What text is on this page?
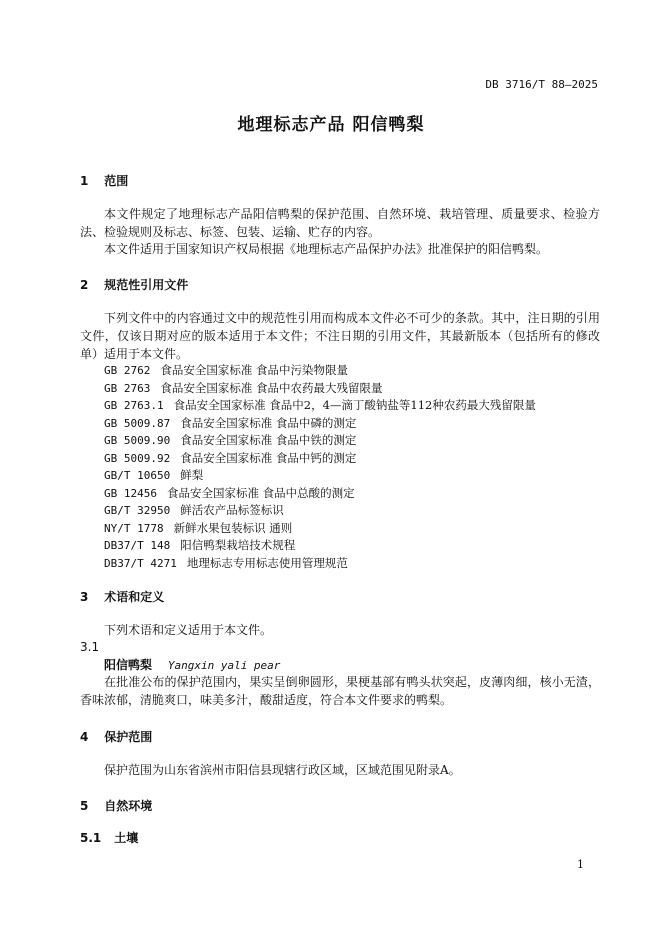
DB 3716/T 88—2025
地理标志产品 阳信鸭梨
1 范围
本文件规定了地理标志产品阳信鸭梨的保护范围、自然环境、栽培管理、质量要求、检验方法、检验规则及标志、标签、包装、运输、贮存的内容。
本文件适用于国家知识产权局根据《地理标志产品保护办法》批准保护的阳信鸭梨。
2 规范性引用文件
下列文件中的内容通过文中的规范性引用而构成本文件必不可少的条款。其中，注日期的引用文件，仅该日期对应的版本适用于本文件；不注日期的引用文件，其最新版本（包括所有的修改单）适用于本文件。
GB 2762 食品安全国家标准 食品中污染物限量
GB 2763 食品安全国家标准 食品中农药最大残留限量
GB 2763.1 食品安全国家标准 食品中2，4—滴丁酸钠盐等112种农药最大残留限量
GB 5009.87 食品安全国家标准 食品中磷的测定
GB 5009.90 食品安全国家标准 食品中铁的测定
GB 5009.92 食品安全国家标准 食品中钙的测定
GB/T 10650 鲜梨
GB 12456 食品安全国家标准 食品中总酸的测定
GB/T 32950 鲜活农产品标签标识
NY/T 1778 新鲜水果包装标识 通则
DB37/T 148 阳信鸭梨栽培技术规程
DB37/T 4271 地理标志专用标志使用管理规范
3 术语和定义
下列术语和定义适用于本文件。
3.1
阳信鸭梨 Yangxin yali pear
在批准公布的保护范围内，果实呈倒卵圆形，果梗基部有鸭头状突起，皮薄肉细，核小无渣，香味浓郁，清脆爽口，味美多汁，酸甜适度，符合本文件要求的鸭梨。
4 保护范围
保护范围为山东省滨州市阳信县现辖行政区域，区域范围见附录A。
5 自然环境
5.1 土壤
1
